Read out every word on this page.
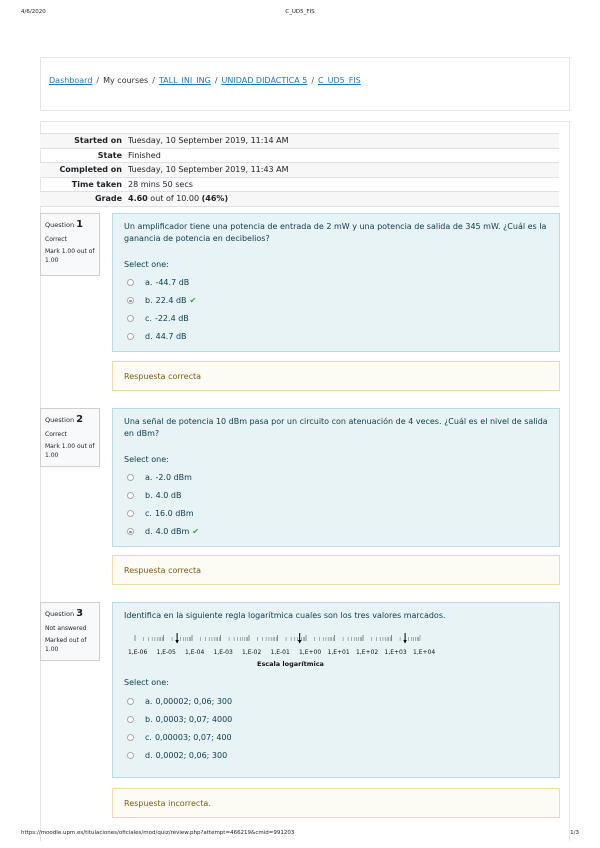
4/6/2020	C_UD5_FIS
Dashboard / My courses / TALL_INI_ING / UNIDAD DIDÁCTICA 5 / C_UD5_FIS
Started on	Tuesday, 10 September 2019, 11:14 AM
State	Finished
Completed on	Tuesday, 10 September 2019, 11:43 AM
Time taken	28 mins 50 secs
Grade	4.60 out of 10.00 (46%)
Question 1
Correct
Mark 1.00 out of 1.00
Un amplificador tiene una potencia de entrada de 2 mW y una potencia de salida de 345 mW. ¿Cuál es la ganancia de potencia en decibelios?
Select one:
a. -44.7 dB
b. 22.4 dB ✔
c. -22.4 dB
d. 44.7 dB
Respuesta correcta
Question 2
Correct
Mark 1.00 out of 1.00
Una señal de potencia 10 dBm pasa por un circuito con atenuación de 4 veces. ¿Cuál es el nivel de salida en dBm?
Select one:
a. -2.0 dBm
b. 4.0 dB
c. 16.0 dBm
d. 4.0 dBm ✔
Respuesta correcta
Question 3
Not answered
Marked out of 1.00
Identifica en la siguiente regla logarítmica cuales son los tres valores marcados.
1,E-06 1,E-05 1,E-04 1,E-03 1,E-02 1,E-01 1,E+00 1,E+01 1,E+02 1,E+03 1,E+04
Escala logarítmica
Select one:
a. 0,00002; 0,06; 300
b. 0,0003; 0,07; 4000
c. 0,00003; 0,07; 400
d. 0,0002; 0,06; 300
Respuesta incorrecta.
https://moodle.upm.es/titulaciones/oficiales/mod/quiz/review.php?attempt=466219&cmid=991203	1/3
